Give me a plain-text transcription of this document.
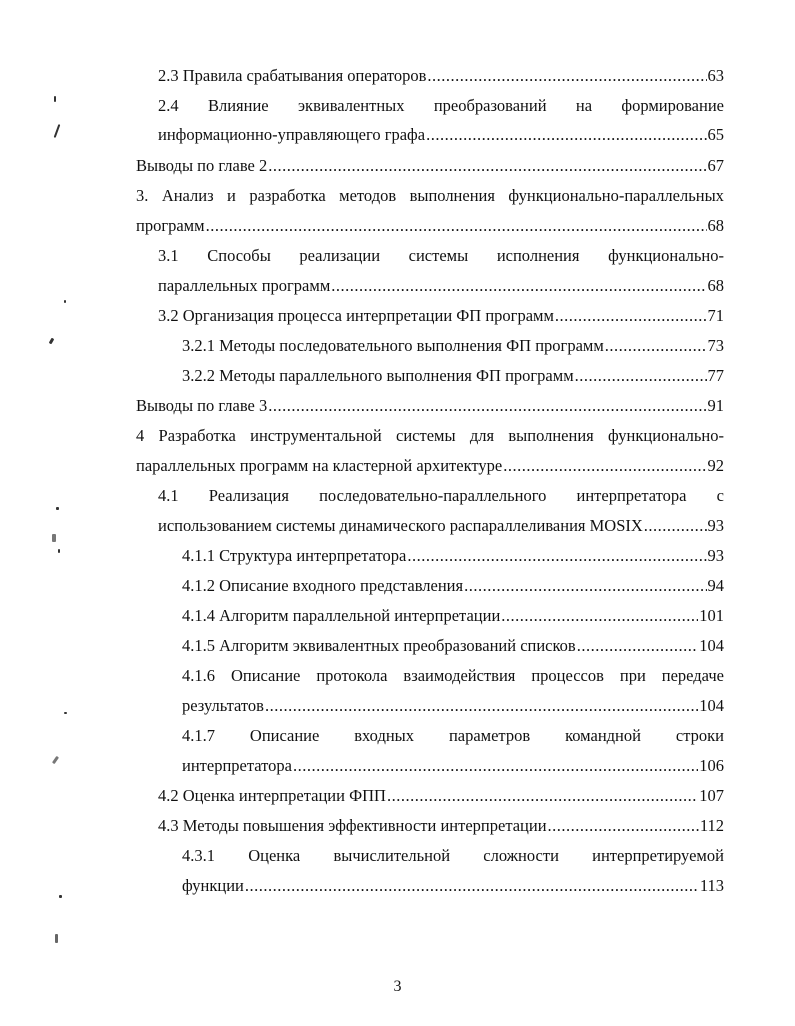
2.3 Правила срабатывания операторов .....	63
2.4 Влияние эквивалентных преобразований на формирование
информационно-управляющего графа .....	65
Выводы по главе 2 .....	67
3. Анализ и разработка методов выполнения функционально-параллельных
программ .....	68
3.1 Способы реализации системы исполнения функционально-
параллельных программ .....	68
3.2 Организация процесса интерпретации ФП программ .....	71
3.2.1 Методы последовательного выполнения ФП программ .....	73
3.2.2 Методы параллельного выполнения ФП программ .....	77
Выводы по главе 3 .....	91
4 Разработка инструментальной системы для выполнения функционально-
параллельных программ на кластерной архитектуре .....	92
4.1 Реализация последовательно-параллельного интерпретатора с
использованием системы динамического распараллеливания MOSIX .....	93
4.1.1 Структура интерпретатора .....	93
4.1.2 Описание входного представления .....	94
4.1.4 Алгоритм параллельной интерпретации .....	101
4.1.5 Алгоритм эквивалентных преобразований списков .....	104
4.1.6 Описание протокола взаимодействия процессов при передаче
результатов .....	104
4.1.7 Описание входных параметров командной строки
интерпретатора .....	106
4.2 Оценка интерпретации ФПП .....	107
4.3 Методы повышения эффективности интерпретации .....	112
4.3.1 Оценка вычислительной сложности интерпретируемой
функции .....	113
3
